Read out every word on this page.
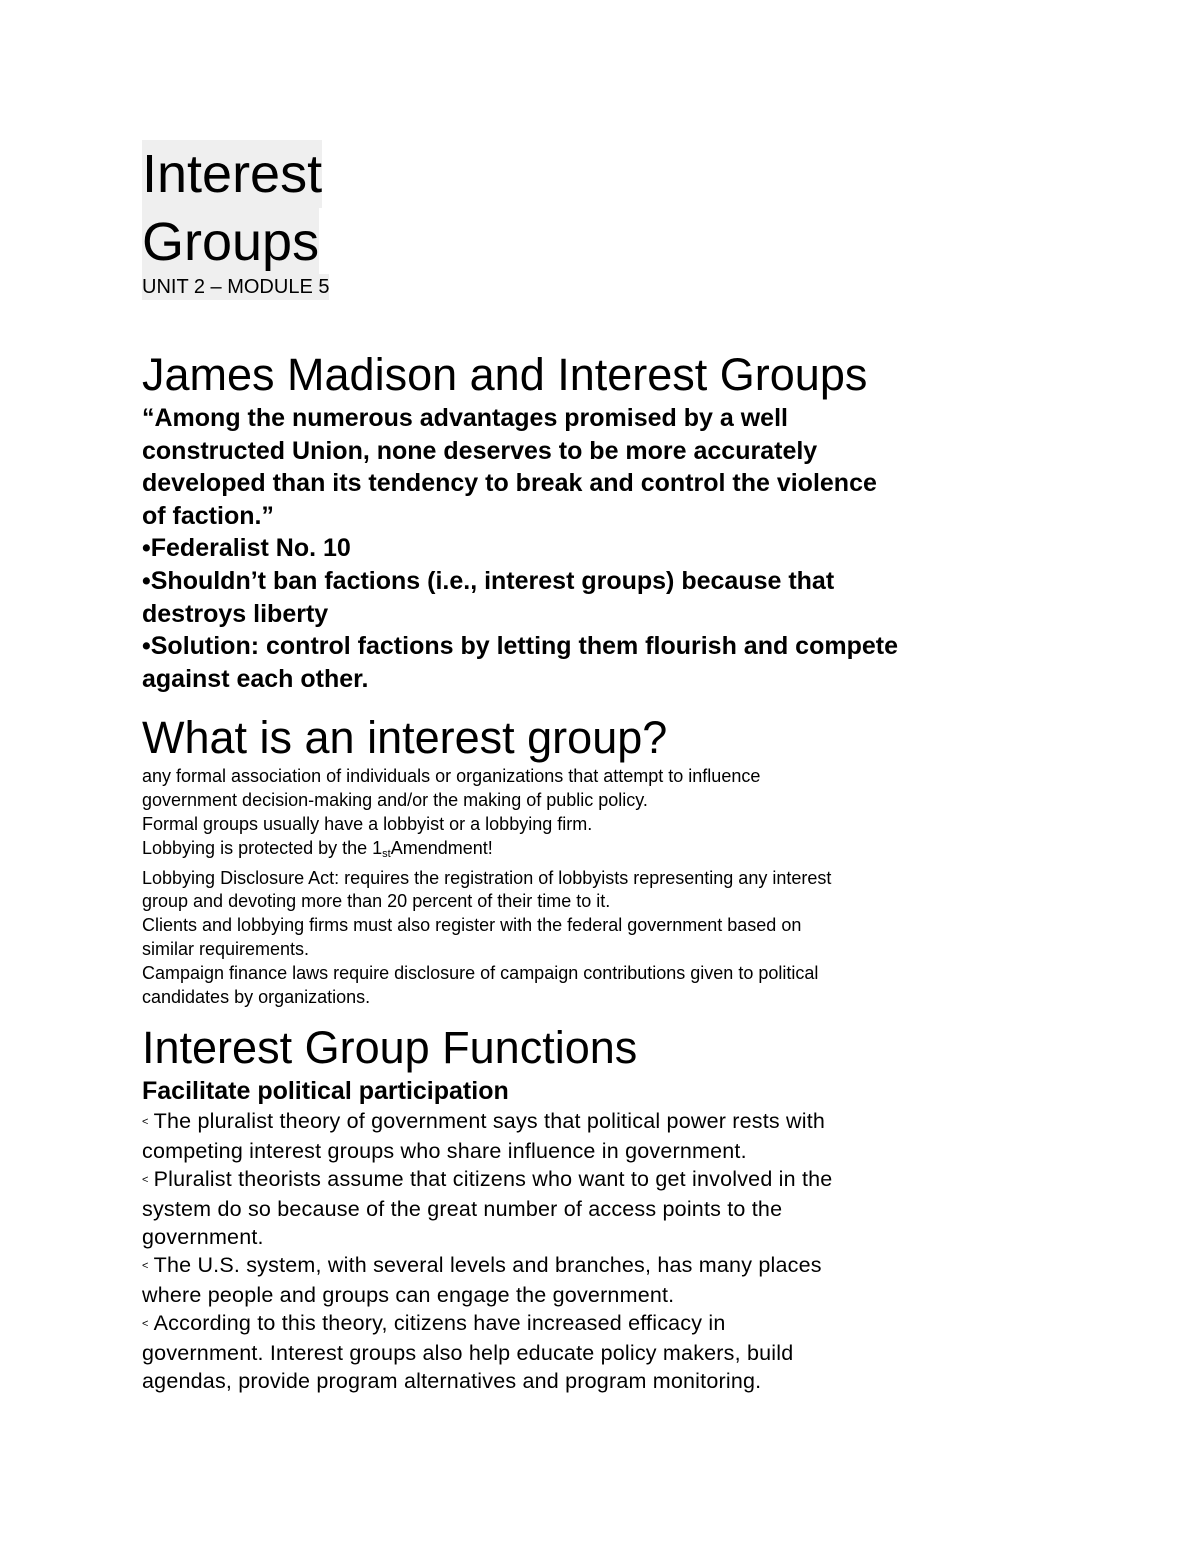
Interest
Groups
UNIT 2 – MODULE 5
James Madison and Interest Groups

“Among the numerous advantages promised by a well

constructed Union, none deserves to be more accurately

developed than its tendency to break and control the violence

of faction.”

•Federalist No. 10

•Shouldn’t ban factions (i.e., interest groups) because that

destroys liberty

•Solution: control factions by letting them flourish and compete

against each other.

What is an interest group?

any formal association of individuals or organizations that attempt to influence

government decision-making and/or the making of public policy.

Formal groups usually have a lobbyist or a lobbying firm.

Lobbying is protected by the $1_{st}Amendment$!

Lobbying Disclosure Act: requires the registration of lobbyists representing any interest

group and devoting more than 20 percent of their time to it.

Clients and lobbying firms must also register with the federal government based on

similar requirements.

Campaign finance laws require disclosure of campaign contributions given to political

candidates by organizations.

Interest Group Functions
Facilitate political participation

< The pluralist theory of government says that political power rests with

competing interest groups who share influence in government.

< Pluralist theorists assume that citizens who want to get involved in the

system do so because of the great number of access points to the

government.

< The U.S. system, with several levels and branches, has many places

where people and groups can engage the government.

< According to this theory, citizens have increased efficacy in

government. Interest groups also help educate policy makers, build

agendas, provide program alternatives and program monitoring.
